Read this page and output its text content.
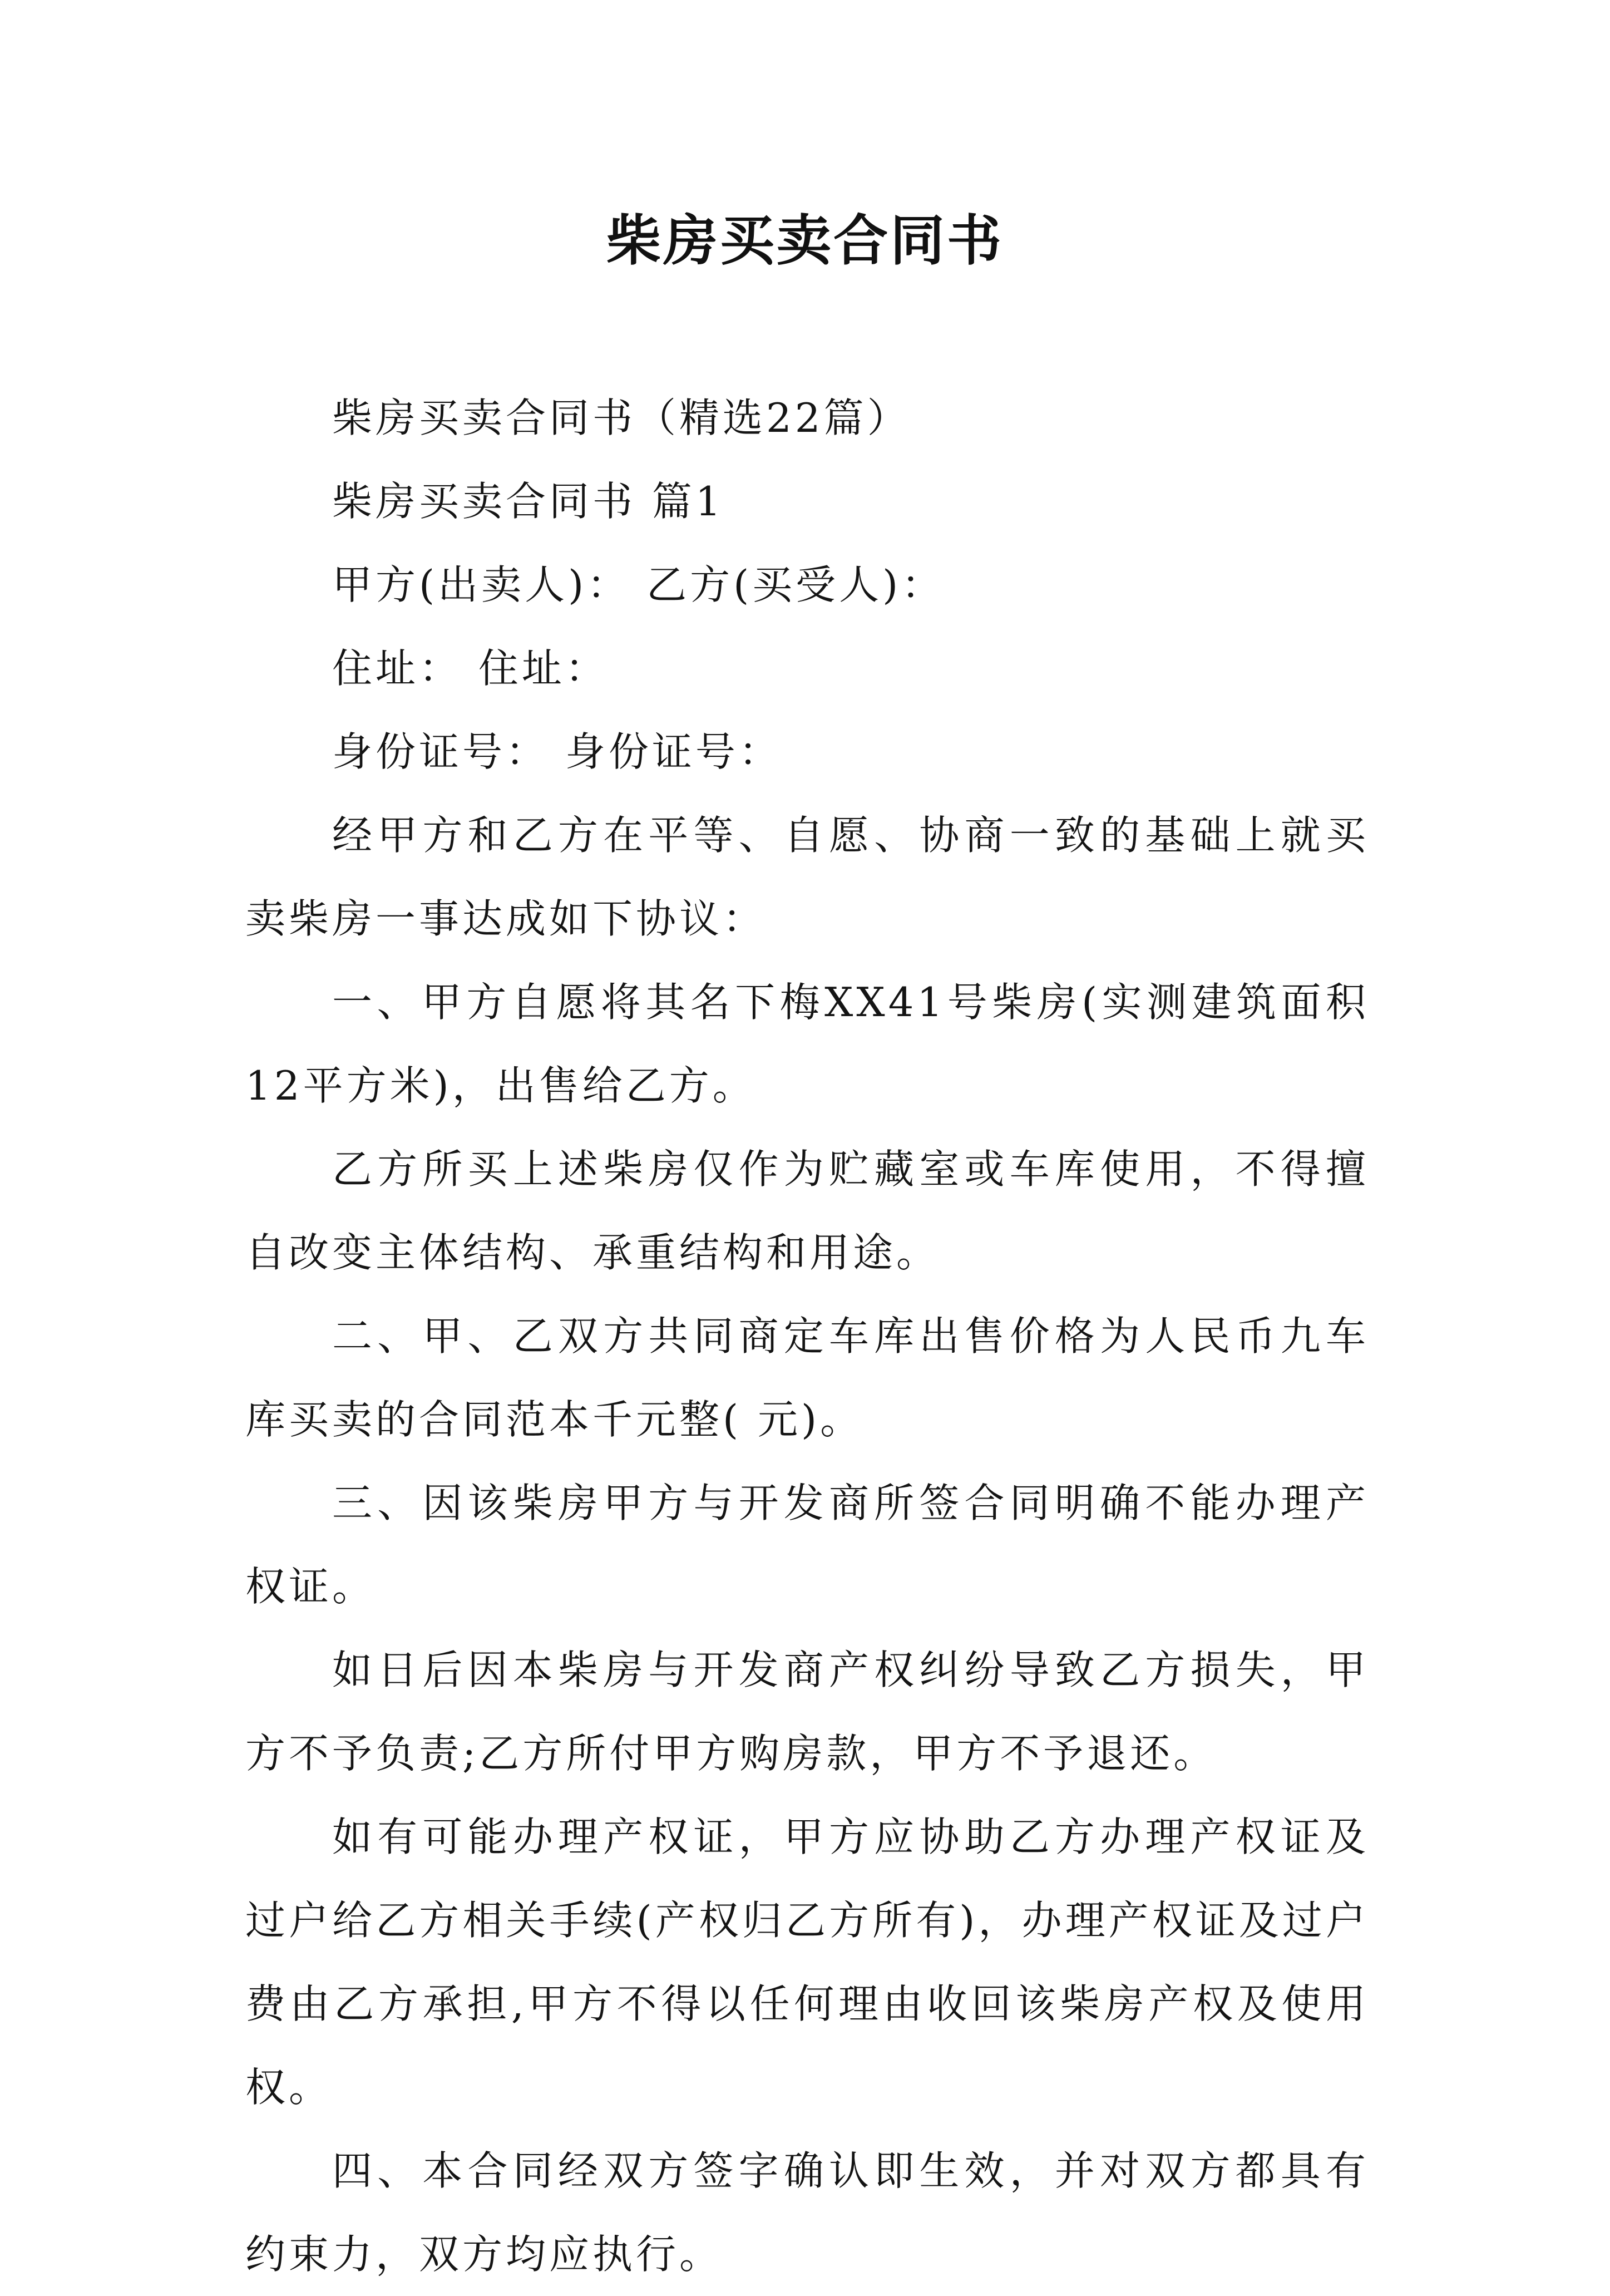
柴房买卖合同书

柴房买卖合同书（精选22篇）

柴房买卖合同书 篇1

甲方(出卖人)： 乙方(买受人)：

住址： 住址：

身份证号： 身份证号：

经甲方和乙方在平等、自愿、协商一致的基础上就买卖柴房一事达成如下协议：

一、甲方自愿将其名下梅XX41号柴房(实测建筑面积12平方米)，出售给乙方。

乙方所买上述柴房仅作为贮藏室或车库使用，不得擅自改变主体结构、承重结构和用途。

二、甲、乙双方共同商定车库出售价格为人民币九车库买卖的合同范本千元整( 元)。

三、因该柴房甲方与开发商所签合同明确不能办理产权证。

如日后因本柴房与开发商产权纠纷导致乙方损失，甲方不予负责;乙方所付甲方购房款，甲方不予退还。

如有可能办理产权证，甲方应协助乙方办理产权证及过户给乙方相关手续(产权归乙方所有)，办理产权证及过户费由乙方承担,甲方不得以任何理由收回该柴房产权及使用权。

四、本合同经双方签字确认即生效，并对双方都具有约束力，双方均应执行。
